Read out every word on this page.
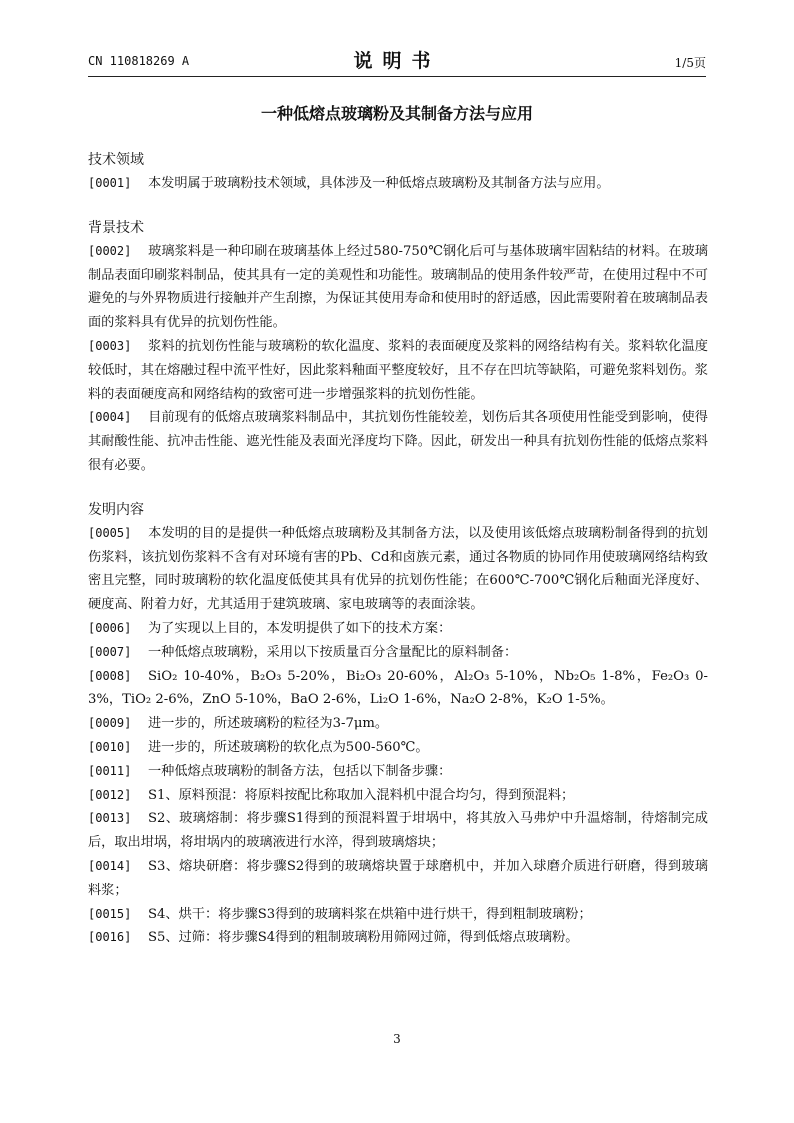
CN 110818269 A	说明书	1/5页
一种低熔点玻璃粉及其制备方法与应用
技术领域

[0001] 本发明属于玻璃粉技术领域，具体涉及一种低熔点玻璃粉及其制备方法与应用。

背景技术

[0002] 玻璃浆料是一种印刷在玻璃基体上经过580-750℃钢化后可与基体玻璃牢固粘结的材料。在玻璃制品表面印刷浆料制品，使其具有一定的美观性和功能性。玻璃制品的使用条件较严苛，在使用过程中不可避免的与外界物质进行接触并产生刮擦，为保证其使用寿命和使用时的舒适感，因此需要附着在玻璃制品表面的浆料具有优异的抗划伤性能。

[0003] 浆料的抗划伤性能与玻璃粉的软化温度、浆料的表面硬度及浆料的网络结构有关。浆料软化温度较低时，其在熔融过程中流平性好，因此浆料釉面平整度较好，且不存在凹坑等缺陷，可避免浆料划伤。浆料的表面硬度高和网络结构的致密可进一步增强浆料的抗划伤性能。

[0004] 目前现有的低熔点玻璃浆料制品中，其抗划伤性能较差，划伤后其各项使用性能受到影响，使得其耐酸性能、抗冲击性能、遮光性能及表面光泽度均下降。因此，研发出一种具有抗划伤性能的低熔点浆料很有必要。

发明内容

[0005] 本发明的目的是提供一种低熔点玻璃粉及其制备方法，以及使用该低熔点玻璃粉制备得到的抗划伤浆料，该抗划伤浆料不含有对环境有害的Pb、Cd和卤族元素，通过各物质的协同作用使玻璃网络结构致密且完整，同时玻璃粉的软化温度低使其具有优异的抗划伤性能；在600℃-700℃钢化后釉面光泽度好、硬度高、附着力好，尤其适用于建筑玻璃、家电玻璃等的表面涂装。

[0006] 为了实现以上目的，本发明提供了如下的技术方案：

[0007] 一种低熔点玻璃粉，采用以下按质量百分含量配比的原料制备：

[0008] SiO₂ 10-40%，B₂O₃ 5-20%，Bi₂O₃ 20-60%，Al₂O₃ 5-10%，Nb₂O₅ 1-8%，Fe₂O₃ 0-3%，TiO₂ 2-6%，ZnO 5-10%，BaO 2-6%，Li₂O 1-6%，Na₂O 2-8%，K₂O 1-5%。

[0009] 进一步的，所述玻璃粉的粒径为3-7μm。

[0010] 进一步的，所述玻璃粉的软化点为500-560℃。

[0011] 一种低熔点玻璃粉的制备方法，包括以下制备步骤：

[0012] S1、原料预混：将原料按配比称取加入混料机中混合均匀，得到预混料；

[0013] S2、玻璃熔制：将步骤S1得到的预混料置于坩埚中，将其放入马弗炉中升温熔制，待熔制完成后，取出坩埚，将坩埚内的玻璃液进行水淬，得到玻璃熔块；

[0014] S3、熔块研磨：将步骤S2得到的玻璃熔块置于球磨机中，并加入球磨介质进行研磨，得到玻璃料浆；

[0015] S4、烘干：将步骤S3得到的玻璃料浆在烘箱中进行烘干，得到粗制玻璃粉；

[0016] S5、过筛：将步骤S4得到的粗制玻璃粉用筛网过筛，得到低熔点玻璃粉。

3
